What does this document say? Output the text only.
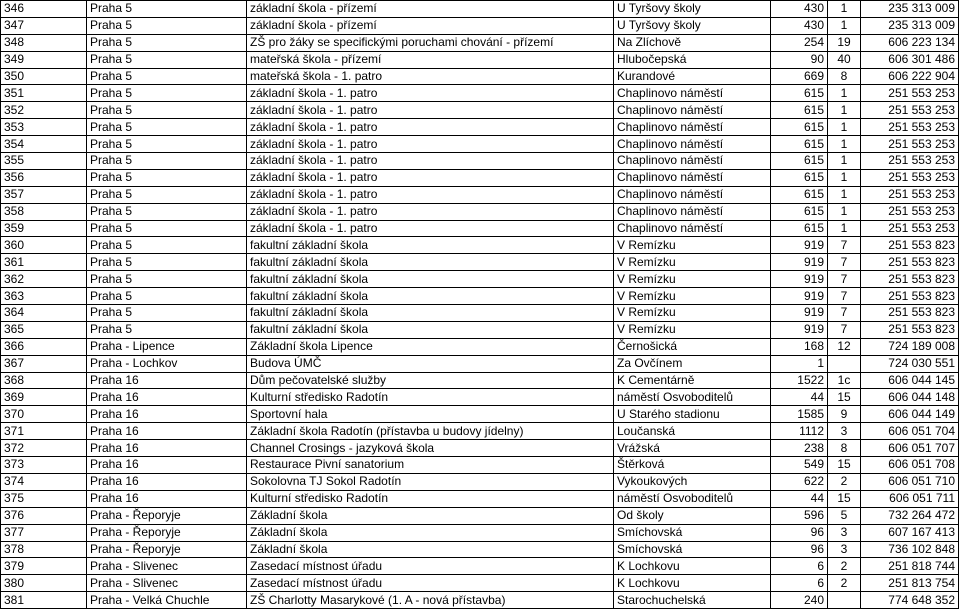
346	Praha 5	základní škola - přízemí	U Tyršovy školy	430	1	235 313 009
347	Praha 5	základní škola - přízemí	U Tyršovy školy	430	1	235 313 009
348	Praha 5	ZŠ pro žáky se specifickými poruchami chování - přízemí	Na Zlíchově	254	19	606 223 134
349	Praha 5	mateřská škola - přízemí	Hlubočepská	90	40	606 301 486
350	Praha 5	mateřská škola - 1. patro	Kurandové	669	8	606 222 904
351	Praha 5	základní škola - 1. patro	Chaplinovo náměstí	615	1	251 553 253
352	Praha 5	základní škola - 1. patro	Chaplinovo náměstí	615	1	251 553 253
353	Praha 5	základní škola - 1. patro	Chaplinovo náměstí	615	1	251 553 253
354	Praha 5	základní škola - 1. patro	Chaplinovo náměstí	615	1	251 553 253
355	Praha 5	základní škola - 1. patro	Chaplinovo náměstí	615	1	251 553 253
356	Praha 5	základní škola - 1. patro	Chaplinovo náměstí	615	1	251 553 253
357	Praha 5	základní škola - 1. patro	Chaplinovo náměstí	615	1	251 553 253
358	Praha 5	základní škola - 1. patro	Chaplinovo náměstí	615	1	251 553 253
359	Praha 5	základní škola - 1. patro	Chaplinovo náměstí	615	1	251 553 253
360	Praha 5	fakultní základní škola	V Remízku	919	7	251 553 823
361	Praha 5	fakultní základní škola	V Remízku	919	7	251 553 823
362	Praha 5	fakultní základní škola	V Remízku	919	7	251 553 823
363	Praha 5	fakultní základní škola	V Remízku	919	7	251 553 823
364	Praha 5	fakultní základní škola	V Remízku	919	7	251 553 823
365	Praha 5	fakultní základní škola	V Remízku	919	7	251 553 823
366	Praha - Lipence	Základní škola Lipence	Černošická	168	12	724 189 008
367	Praha - Lochkov	Budova ÚMČ	Za Ovčínem	1		724 030 551
368	Praha 16	Dům pečovatelské služby	K Cementárně	1522	1c	606 044 145
369	Praha 16	Kulturní středisko Radotín	náměstí Osvoboditelů	44	15	606 044 148
370	Praha 16	Sportovní hala	U Starého stadionu	1585	9	606 044 149
371	Praha 16	Základní škola Radotín (přístavba u budovy jídelny)	Loučanská	1112	3	606 051 704
372	Praha 16	Channel Crosings - jazyková škola	Vrážská	238	8	606 051 707
373	Praha 16	Restaurace Pivní sanatorium	Štěrková	549	15	606 051 708
374	Praha 16	Sokolovna TJ Sokol Radotín	Vykoukových	622	2	606 051 710
375	Praha 16	Kulturní středisko Radotín	náměstí Osvoboditelů	44	15	606 051 711
376	Praha - Řeporyje	Základní škola	Od školy	596	5	732 264 472
377	Praha - Řeporyje	Základní škola	Smíchovská	96	3	607 167 413
378	Praha - Řeporyje	Základní škola	Smíchovská	96	3	736 102 848
379	Praha - Slivenec	Zasedací místnost úřadu	K Lochkovu	6	2	251 818 744
380	Praha - Slivenec	Zasedací místnost úřadu	K Lochkovu	6	2	251 813 754
381	Praha - Velká Chuchle	ZŠ Charlotty Masarykové (1. A - nová přístavba)	Starochuchelská	240		774 648 352
